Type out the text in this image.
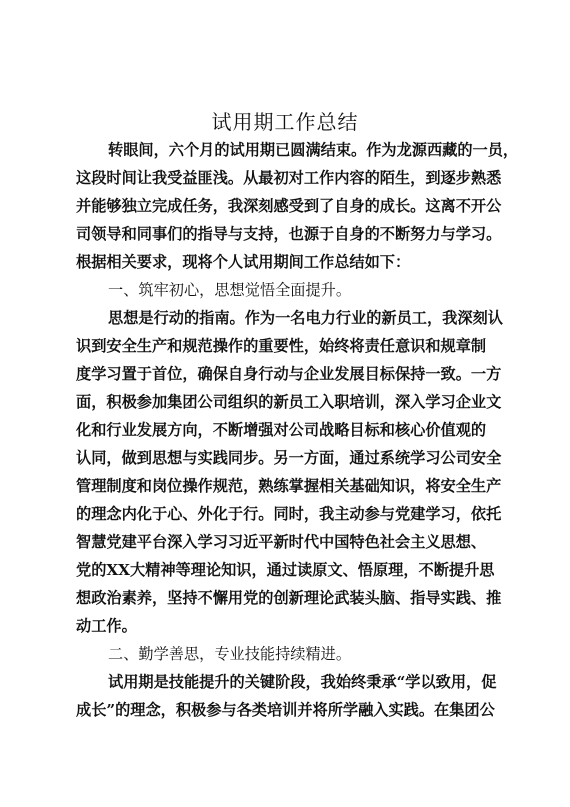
试用期工作总结
转眼间，六个月的试用期已圆满结束。作为龙源西藏的一员，
这段时间让我受益匪浅。从最初对工作内容的陌生，到逐步熟悉
并能够独立完成任务，我深刻感受到了自身的成长。这离不开公
司领导和同事们的指导与支持，也源于自身的不断努力与学习。
根据相关要求，现将个人试用期间工作总结如下：
一、筑牢初心，思想觉悟全面提升。
思想是行动的指南。作为一名电力行业的新员工，我深刻认
识到安全生产和规范操作的重要性，始终将责任意识和规章制
度学习置于首位，确保自身行动与企业发展目标保持一致。一方
面，积极参加集团公司组织的新员工入职培训，深入学习企业文
化和行业发展方向，不断增强对公司战略目标和核心价值观的
认同，做到思想与实践同步。另一方面，通过系统学习公司安全
管理制度和岗位操作规范，熟练掌握相关基础知识，将安全生产
的理念内化于心、外化于行。同时，我主动参与党建学习，依托
智慧党建平台深入学习习近平新时代中国特色社会主义思想、
党的XX大精神等理论知识，通过读原文、悟原理，不断提升思
想政治素养，坚持不懈用党的创新理论武装头脑、指导实践、推
动工作。
二、勤学善思，专业技能持续精进。
试用期是技能提升的关键阶段，我始终秉承“学以致用，促
成长”的理念，积极参与各类培训并将所学融入实践。在集团公
